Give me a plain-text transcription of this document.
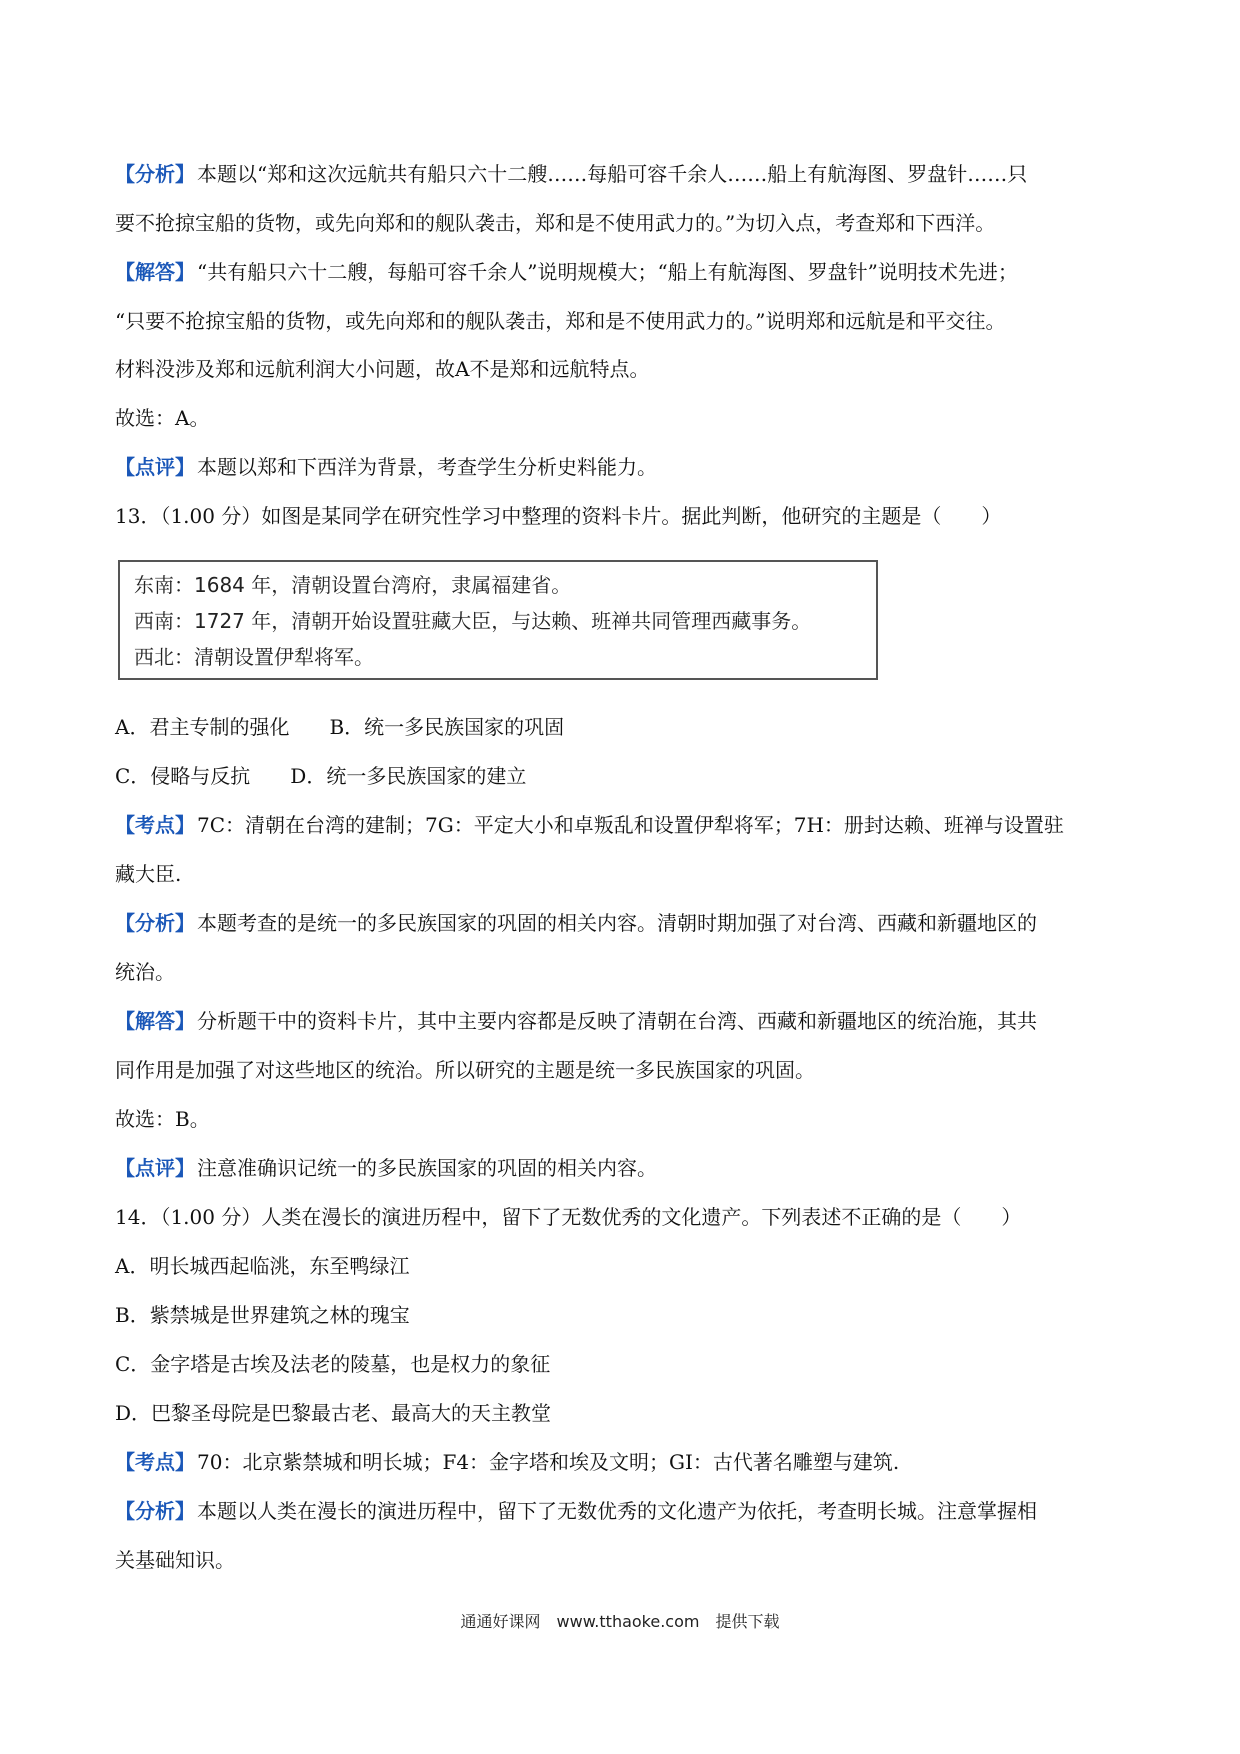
【分析】 本题以“郑和这次远航共有船只六十二艘……每船可容千余人……船上有航海图、罗盘针……只
要不抢掠宝船的货物，或先向郑和的舰队袭击，郑和是不使用武力的。”为切入点，考查郑和下西洋。
【解答】 “共有船只六十二艘，每船可容千余人”说明规模大；“船上有航海图、罗盘针”说明技术先进；
“只要不抢掠宝船的货物，或先向郑和的舰队袭击，郑和是不使用武力的。”说明郑和远航是和平交往。
材料没涉及郑和远航利润大小问题，故A不是郑和远航特点。
故选：A。
【点评】 本题以郑和下西洋为背景，考查学生分析史料能力。
13．（1.00 分）如图是某同学在研究性学习中整理的资料卡片。据此判断，他研究的主题是（　　）
东南：1684 年，清朝设置台湾府，隶属福建省。
西南：1727 年，清朝开始设置驻藏大臣，与达赖、班禅共同管理西藏事务。
西北：清朝设置伊犁将军。
A．君主专制的强化　　B．统一多民族国家的巩固
C．侵略与反抗　　D．统一多民族国家的建立
【考点】 7C：清朝在台湾的建制；7G：平定大小和卓叛乱和设置伊犁将军；7H：册封达赖、班禅与设置驻
藏大臣.
【分析】 本题考查的是统一的多民族国家的巩固的相关内容。清朝时期加强了对台湾、西藏和新疆地区的
统治。
【解答】 分析题干中的资料卡片，其中主要内容都是反映了清朝在台湾、西藏和新疆地区的统治施，其共
同作用是加强了对这些地区的统治。所以研究的主题是统一多民族国家的巩固。
故选：B。
【点评】 注意准确识记统一的多民族国家的巩固的相关内容。
14．（1.00 分）人类在漫长的演进历程中，留下了无数优秀的文化遗产。下列表述不正确的是（　　）
A．明长城西起临洮，东至鸭绿江
B．紫禁城是世界建筑之林的瑰宝
C．金字塔是古埃及法老的陵墓，也是权力的象征
D．巴黎圣母院是巴黎最古老、最高大的天主教堂
【考点】 70：北京紫禁城和明长城；F4：金字塔和埃及文明；GI：古代著名雕塑与建筑.
【分析】 本题以人类在漫长的演进历程中，留下了无数优秀的文化遗产为依托，考查明长城。注意掌握相
关基础知识。
通通好课网　www.tthaoke.com　提供下载
